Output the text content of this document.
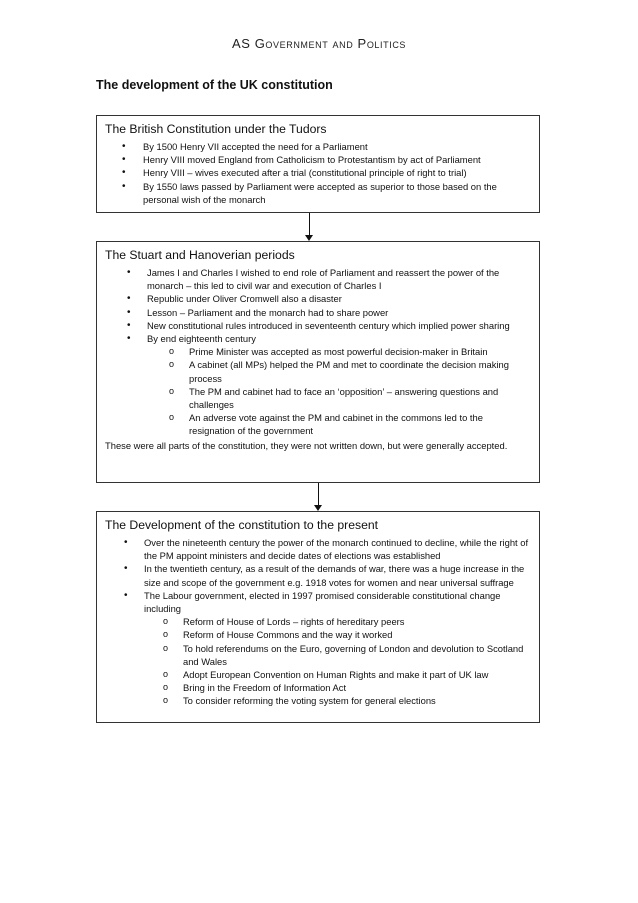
AS Government and Politics
The development of the UK constitution
The British Constitution under the Tudors
• By 1500 Henry VII accepted the need for a Parliament
• Henry VIII moved England from Catholicism to Protestantism by act of Parliament
• Henry VIII – wives executed after a trial (constitutional principle of right to trial)
• By 1550 laws passed by Parliament were accepted as superior to those based on the personal wish of the monarch
The Stuart and Hanoverian periods
• James I and Charles I wished to end role of Parliament and reassert the power of the monarch – this led to civil war and execution of Charles I
• Republic under Oliver Cromwell also a disaster
• Lesson – Parliament and the monarch had to share power
• New constitutional rules introduced in seventeenth century which implied power sharing
• By end eighteenth century
o Prime Minister was accepted as most powerful decision-maker in Britain
o A cabinet (all MPs) helped the PM and met to coordinate the decision making process
o The PM and cabinet had to face an ‘opposition’ – answering questions and challenges
o An adverse vote against the PM and cabinet in the commons led to the resignation of the government
These were all parts of the constitution, they were not written down, but were generally accepted.
The Development of the constitution to the present
• Over the nineteenth century the power of the monarch continued to decline, while the right of the PM appoint ministers and decide dates of elections was established
• In the twentieth century, as a result of the demands of war, there was a huge increase in the size and scope of the government e.g. 1918 votes for women and near universal suffrage
• The Labour government, elected in 1997 promised considerable constitutional change including
o Reform of House of Lords – rights of hereditary peers
o Reform of House Commons and the way it worked
o To hold referendums on the Euro, governing of London and devolution to Scotland and Wales
o Adopt European Convention on Human Rights and make it part of UK law
o Bring in the Freedom of Information Act
o To consider reforming the voting system for general elections
